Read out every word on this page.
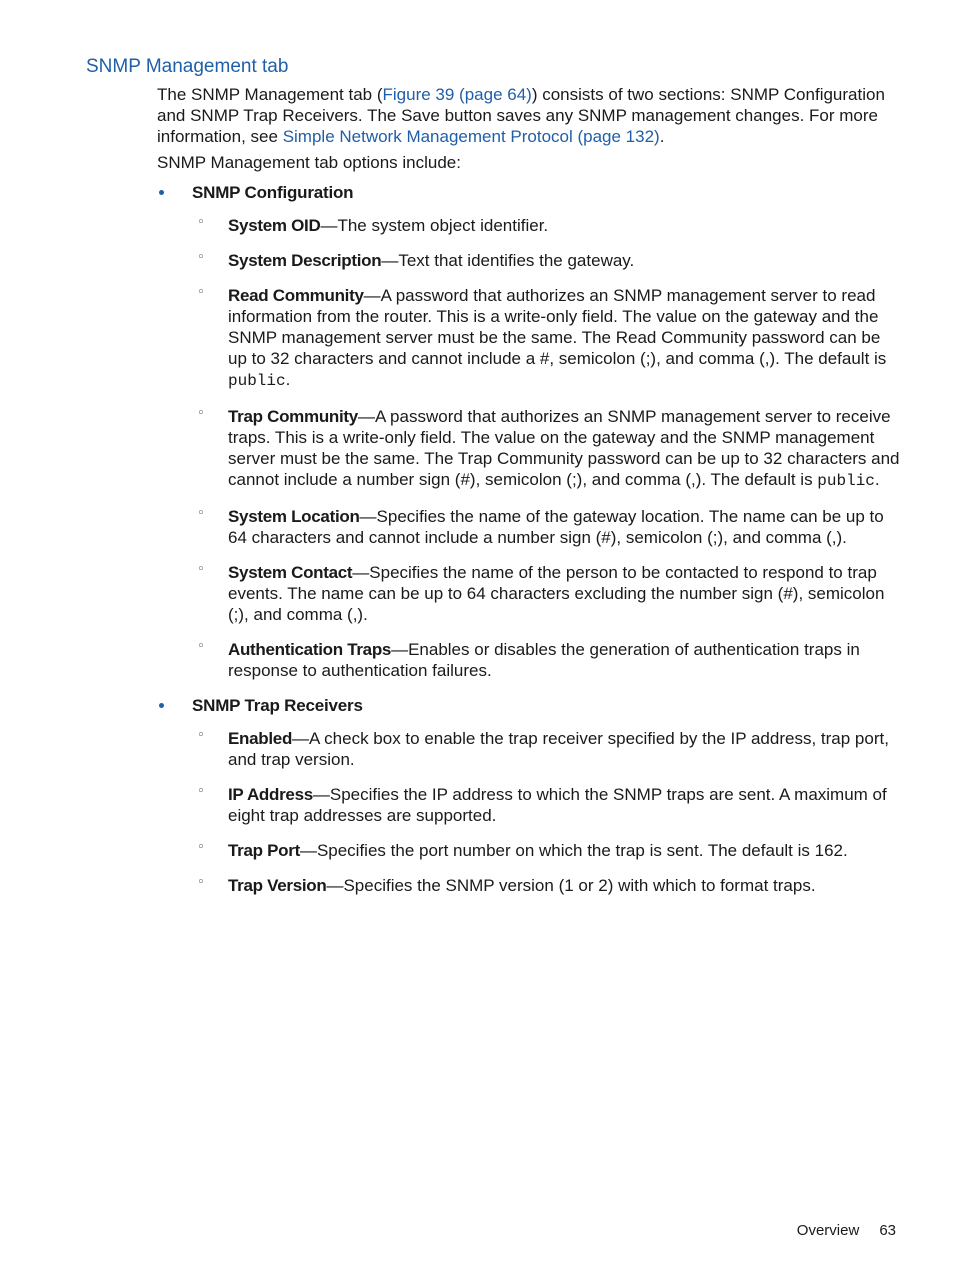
SNMP Management tab

The SNMP Management tab (Figure 39 (page 64)) consists of two sections: SNMP Configuration and SNMP Trap Receivers. The Save button saves any SNMP management changes. For more information, see Simple Network Management Protocol (page 132).

SNMP Management tab options include:

SNMP Configuration
◦ System OID—The system object identifier.
◦ System Description—Text that identifies the gateway.
◦ Read Community—A password that authorizes an SNMP management server to read information from the router. This is a write-only field. The value on the gateway and the SNMP management server must be the same. The Read Community password can be up to 32 characters and cannot include a #, semicolon (;), and comma (,). The default is public.
◦ Trap Community—A password that authorizes an SNMP management server to receive traps. This is a write-only field. The value on the gateway and the SNMP management server must be the same. The Trap Community password can be up to 32 characters and cannot include a number sign (#), semicolon (;), and comma (,). The default is public.
◦ System Location—Specifies the name of the gateway location. The name can be up to 64 characters and cannot include a number sign (#), semicolon (;), and comma (,).
◦ System Contact—Specifies the name of the person to be contacted to respond to trap events. The name can be up to 64 characters excluding the number sign (#), semicolon (;), and comma (,).
◦ Authentication Traps—Enables or disables the generation of authentication traps in response to authentication failures.
SNMP Trap Receivers
◦ Enabled—A check box to enable the trap receiver specified by the IP address, trap port, and trap version.
◦ IP Address—Specifies the IP address to which the SNMP traps are sent. A maximum of eight trap addresses are supported.
◦ Trap Port—Specifies the port number on which the trap is sent. The default is 162.
◦ Trap Version—Specifies the SNMP version (1 or 2) with which to format traps.
Overview 63
